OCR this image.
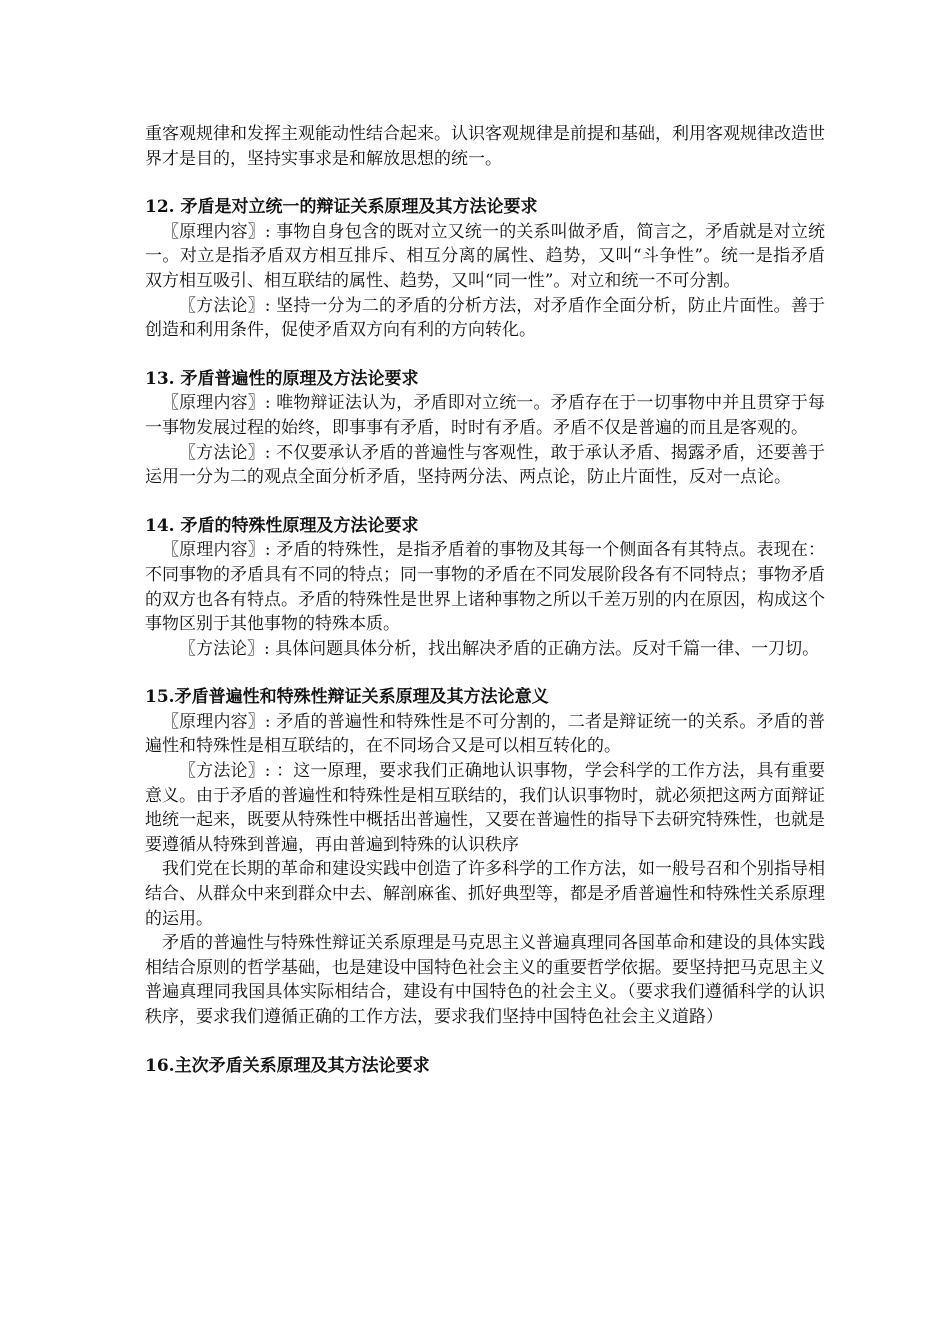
重客观规律和发挥主观能动性结合起来。认识客观规律是前提和基础，利用客观规律改造世界才是目的，坚持实事求是和解放思想的统一。

12. 矛盾是对立统一的辩证关系原理及其方法论要求

〖原理内容〗: 事物自身包含的既对立又统一的关系叫做矛盾，简言之，矛盾就是对立统一。对立是指矛盾双方相互排斥、相互分离的属性、趋势，又叫“斗争性”。统一是指矛盾双方相互吸引、相互联结的属性、趋势，又叫“同一性”。对立和统一不可分割。

〖方法论〗: 坚持一分为二的矛盾的分析方法，对矛盾作全面分析，防止片面性。善于创造和利用条件，促使矛盾双方向有利的方向转化。

13. 矛盾普遍性的原理及方法论要求

〖原理内容〗: 唯物辩证法认为，矛盾即对立统一。矛盾存在于一切事物中并且贯穿于每一事物发展过程的始终，即事事有矛盾，时时有矛盾。矛盾不仅是普遍的而且是客观的。

〖方法论〗: 不仅要承认矛盾的普遍性与客观性，敢于承认矛盾、揭露矛盾，还要善于运用一分为二的观点全面分析矛盾，坚持两分法、两点论，防止片面性，反对一点论。

14. 矛盾的特殊性原理及方法论要求

〖原理内容〗: 矛盾的特殊性，是指矛盾着的事物及其每一个侧面各有其特点。表现在：不同事物的矛盾具有不同的特点；同一事物的矛盾在不同发展阶段各有不同特点；事物矛盾的双方也各有特点。矛盾的特殊性是世界上诸种事物之所以千差万别的内在原因，构成这个事物区别于其他事物的特殊本质。

〖方法论〗: 具体问题具体分析，找出解决矛盾的正确方法。反对千篇一律、一刀切。

15.矛盾普遍性和特殊性辩证关系原理及其方法论意义

〖原理内容〗: 矛盾的普遍性和特殊性是不可分割的，二者是辩证统一的关系。矛盾的普遍性和特殊性是相互联结的，在不同场合又是可以相互转化的。

〖方法论〗: ：这一原理，要求我们正确地认识事物，学会科学的工作方法，具有重要意义。由于矛盾的普遍性和特殊性是相互联结的，我们认识事物时，就必须把这两方面辩证地统一起来，既要从特殊性中概括出普遍性，又要在普遍性的指导下去研究特殊性，也就是要遵循从特殊到普遍，再由普遍到特殊的认识秩序

我们党在长期的革命和建设实践中创造了许多科学的工作方法，如一般号召和个别指导相结合、从群众中来到群众中去、解剖麻雀、抓好典型等，都是矛盾普遍性和特殊性关系原理的运用。

矛盾的普遍性与特殊性辩证关系原理是马克思主义普遍真理同各国革命和建设的具体实践相结合原则的哲学基础，也是建设中国特色社会主义的重要哲学依据。要坚持把马克思主义普遍真理同我国具体实际相结合，建设有中国特色的社会主义。（要求我们遵循科学的认识秩序，要求我们遵循正确的工作方法，要求我们坚持中国特色社会主义道路）

16.主次矛盾关系原理及其方法论要求
